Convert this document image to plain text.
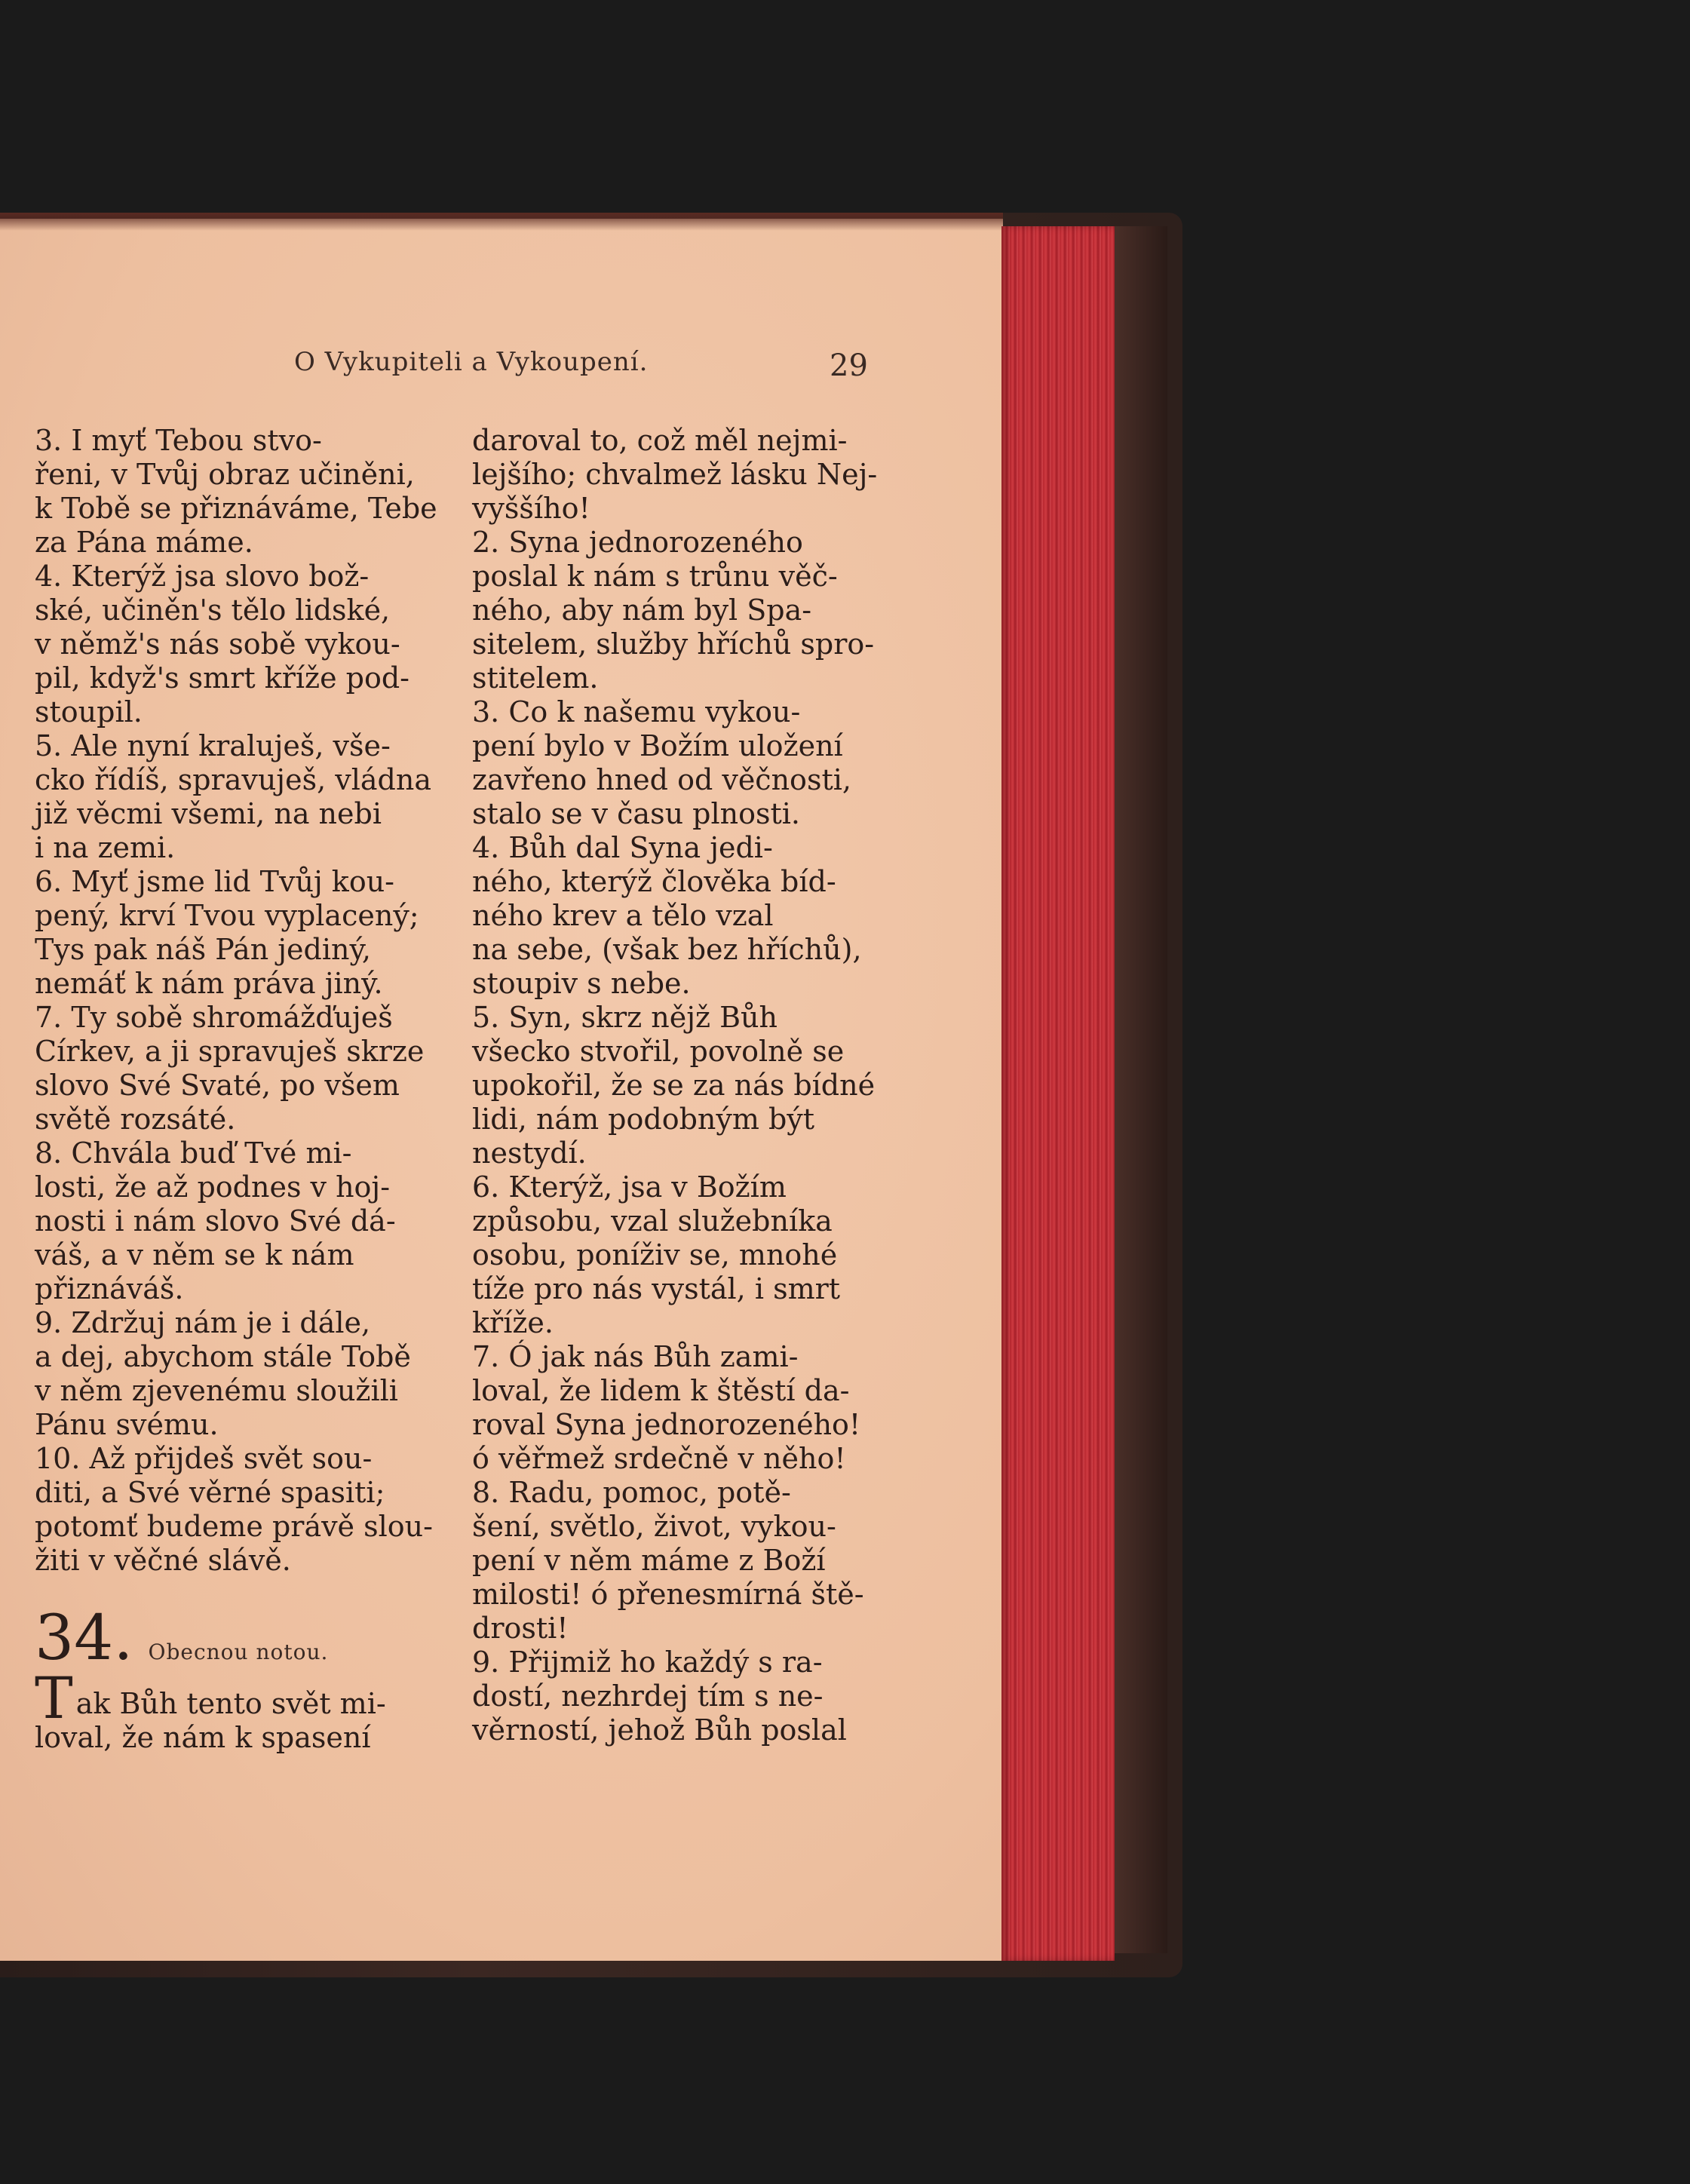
O Vykupiteli a Vykoupení.	29
3. I myť Tebou stvo-
řeni, v Tvůj obraz učiněni,
k Tobě se přiznáváme, Tebe
za Pána máme.
4. Kterýž jsa slovo bož-
ské, učiněn's tělo lidské,
v němž's nás sobě vykou-
pil, když's smrt kříže pod-
stoupil.
5. Ale nyní kraluješ, vše-
cko řídíš, spravuješ, vládna
již věcmi všemi, na nebi
i na zemi.
6. Myť jsme lid Tvůj kou-
pený, krví Tvou vyplacený;
Tys pak náš Pán jediný,
nemáť k nám práva jiný.
7. Ty sobě shromážďuješ
Církev, a ji spravuješ skrze
slovo Své Svaté, po všem
světě rozsáté.
8. Chvála buď Tvé mi-
losti, že až podnes v hoj-
nosti i nám slovo Své dá-
váš, a v něm se k nám
přiznáváš.
9. Zdržuj nám je i dále,
a dej, abychom stále Tobě
v něm zjevenému sloužili
Pánu svému.
10. Až přijdeš svět sou-
diti, a Své věrné spasiti;
potomť budeme právě slou-
žiti v věčné slávě.
34. Obecnou notou.
Tak Bůh tento svět mi-
loval, že nám k spasení
daroval to, což měl nejmi-
lejšího; chvalmež lásku Nej-
vyššího!
2. Syna jednorozeného
poslal k nám s trůnu věč-
ného, aby nám byl Spa-
sitelem, služby hříchů spro-
stitelem.
3. Co k našemu vykou-
pení bylo v Božím uložení
zavřeno hned od věčnosti,
stalo se v času plnosti.
4. Bůh dal Syna jedi-
ného, kterýž člověka bíd-
ného krev a tělo vzal
na sebe, (však bez hříchů),
stoupiv s nebe.
5. Syn, skrz nějž Bůh
všecko stvořil, povolně se
upokořil, že se za nás bídné
lidi, nám podobným být
nestydí.
6. Kterýž, jsa v Božím
způsobu, vzal služebníka
osobu, poníživ se, mnohé
tíže pro nás vystál, i smrt
kříže.
7. Ó jak nás Bůh zami-
loval, že lidem k štěstí da-
roval Syna jednorozeného!
ó věřmež srdečně v něho!
8. Radu, pomoc, potě-
šení, světlo, život, vykou-
pení v něm máme z Boží
milosti! ó přenesmírná ště-
drosti!
9. Přijmiž ho každý s ra-
dostí, nezhrdej tím s ne-
věrností, jehož Bůh poslal
